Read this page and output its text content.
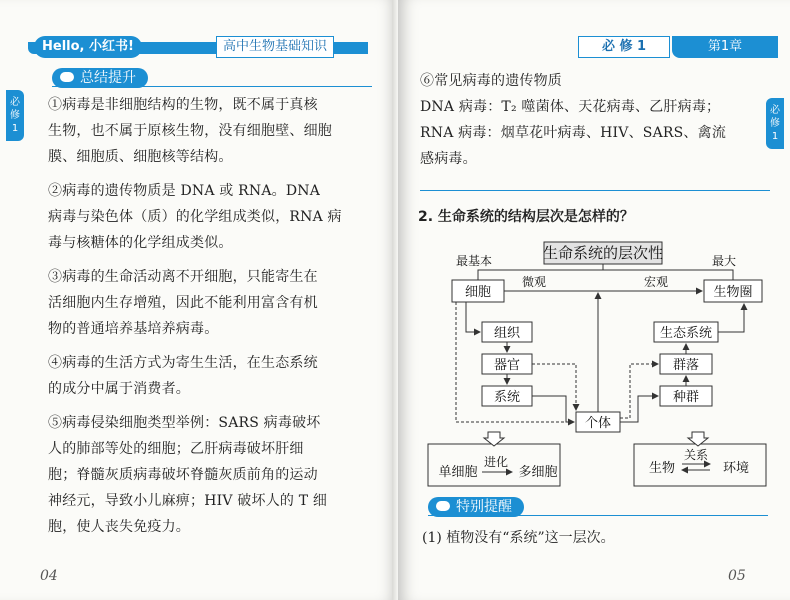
Hello, 小红书!	高中生物基础知识
必
修
1
总结提升
①病毒是非细胞结构的生物，既不属于真核
生物，也不属于原核生物，没有细胞壁、细胞
膜、细胞质、细胞核等结构。
②病毒的遗传物质是 DNA 或 RNA。DNA
病毒与染色体（质）的化学组成类似，RNA 病
毒与核糖体的化学组成类似。
③病毒的生命活动离不开细胞，只能寄生在
活细胞内生存增殖，因此不能利用富含有机
物的普通培养基培养病毒。
④病毒的生活方式为寄生生活，在生态系统
的成分中属于消费者。
⑤病毒侵染细胞类型举例：SARS 病毒破坏
人的肺部等处的细胞；乙肝病毒破坏肝细
胞；脊髓灰质病毒破坏脊髓灰质前角的运动
神经元，导致小儿麻痹；HIV 破坏人的 T 细
胞，使人丧失免疫力。
04
必 修 1	第1章
必
修
1
⑥常见病毒的遗传物质
DNA 病毒：T₂ 噬菌体、天花病毒、乙肝病毒；
RNA 病毒：烟草花叶病毒、HIV、SARS、禽流
感病毒。
2. 生命系统的结构层次是怎样的？
生命系统的层次性
最基本	最大
细胞
微观	宏观
生物圈
组织
器官
系统
生态系统
群落
种群
个体
单细胞
进化
多细胞	生物
关系
环境
特别提醒
(1) 植物没有“系统”这一层次。
05
